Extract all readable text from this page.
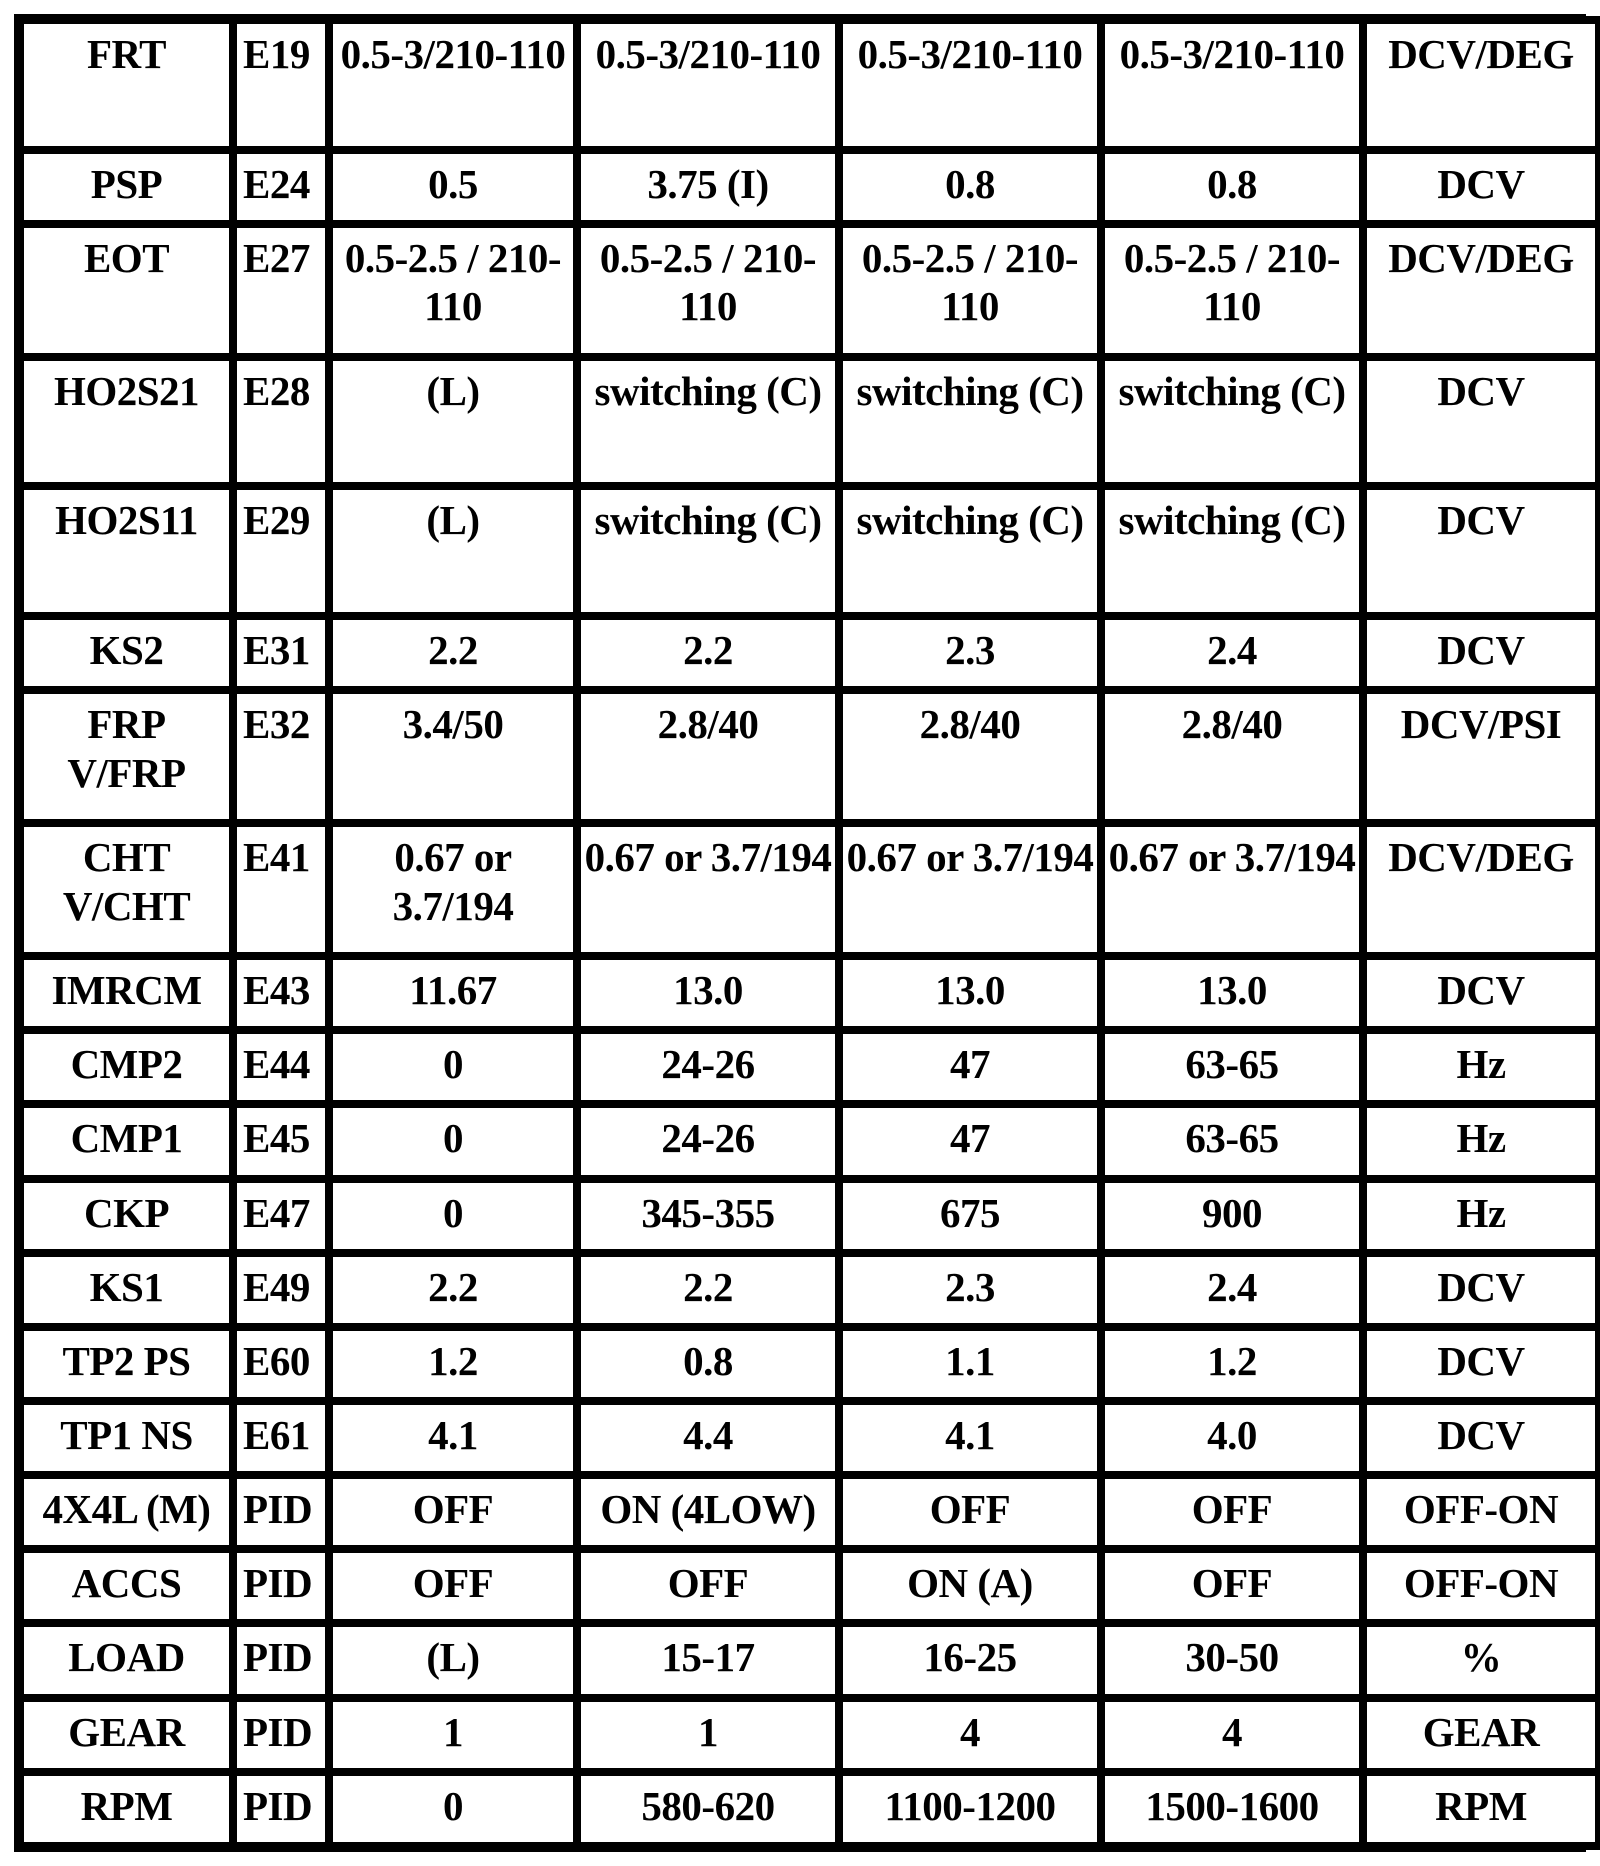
FRT	E19	0.5-3/210-110	0.5-3/210-110	0.5-3/210-110	0.5-3/210-110	DCV/DEG
PSP	E24	0.5	3.75 (I)	0.8	0.8	DCV
EOT	E27	0.5-2.5 / 210-110	0.5-2.5 / 210-110	0.5-2.5 / 210-110	0.5-2.5 / 210-110	DCV/DEG
HO2S21	E28	(L)	switching (C)	switching (C)	switching (C)	DCV
HO2S11	E29	(L)	switching (C)	switching (C)	switching (C)	DCV
KS2	E31	2.2	2.2	2.3	2.4	DCV
FRP V/FRP	E32	3.4/50	2.8/40	2.8/40	2.8/40	DCV/PSI
CHT V/CHT	E41	0.67 or 3.7/194	0.67 or 3.7/194	0.67 or 3.7/194	0.67 or 3.7/194	DCV/DEG
IMRCM	E43	11.67	13.0	13.0	13.0	DCV
CMP2	E44	0	24-26	47	63-65	Hz
CMP1	E45	0	24-26	47	63-65	Hz
CKP	E47	0	345-355	675	900	Hz
KS1	E49	2.2	2.2	2.3	2.4	DCV
TP2 PS	E60	1.2	0.8	1.1	1.2	DCV
TP1 NS	E61	4.1	4.4	4.1	4.0	DCV
4X4L (M)	PID	OFF	ON (4LOW)	OFF	OFF	OFF-ON
ACCS	PID	OFF	OFF	ON (A)	OFF	OFF-ON
LOAD	PID	(L)	15-17	16-25	30-50	%
GEAR	PID	1	1	4	4	GEAR
RPM	PID	0	580-620	1100-1200	1500-1600	RPM
